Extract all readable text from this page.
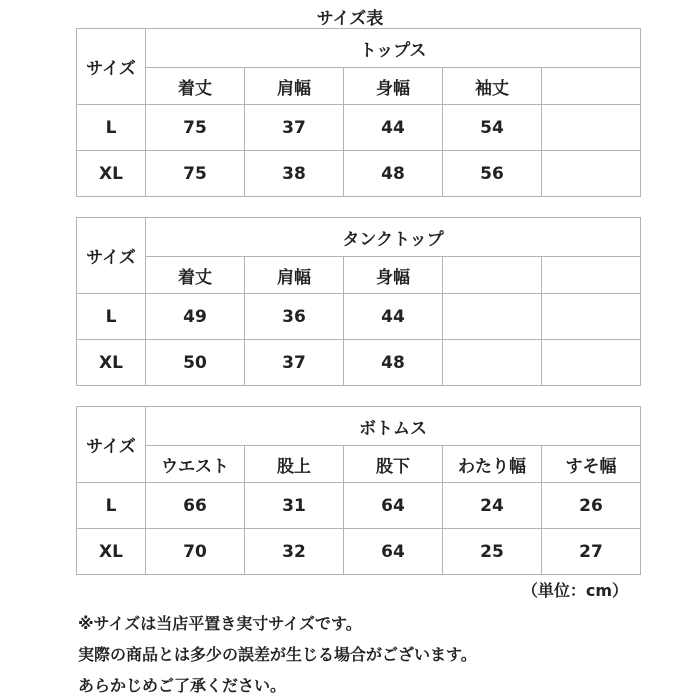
サイズ表
サイズ	トップス				
	着丈	肩幅	身幅	袖丈	
L	75	37	44	54	
XL	75	38	48	56	
サイズ	タンクトップ				
	着丈	肩幅	身幅		
L	49	36	44		
XL	50	37	48		
サイズ	ボトムス				
	ウエスト	股上	股下	わたり幅	すそ幅
L	66	31	64	24	26
XL	70	32	64	25	27
（単位：cm）
※サイズは当店平置き実寸サイズです。
実際の商品とは多少の誤差が生じる場合がございます。
あらかじめご了承ください。
